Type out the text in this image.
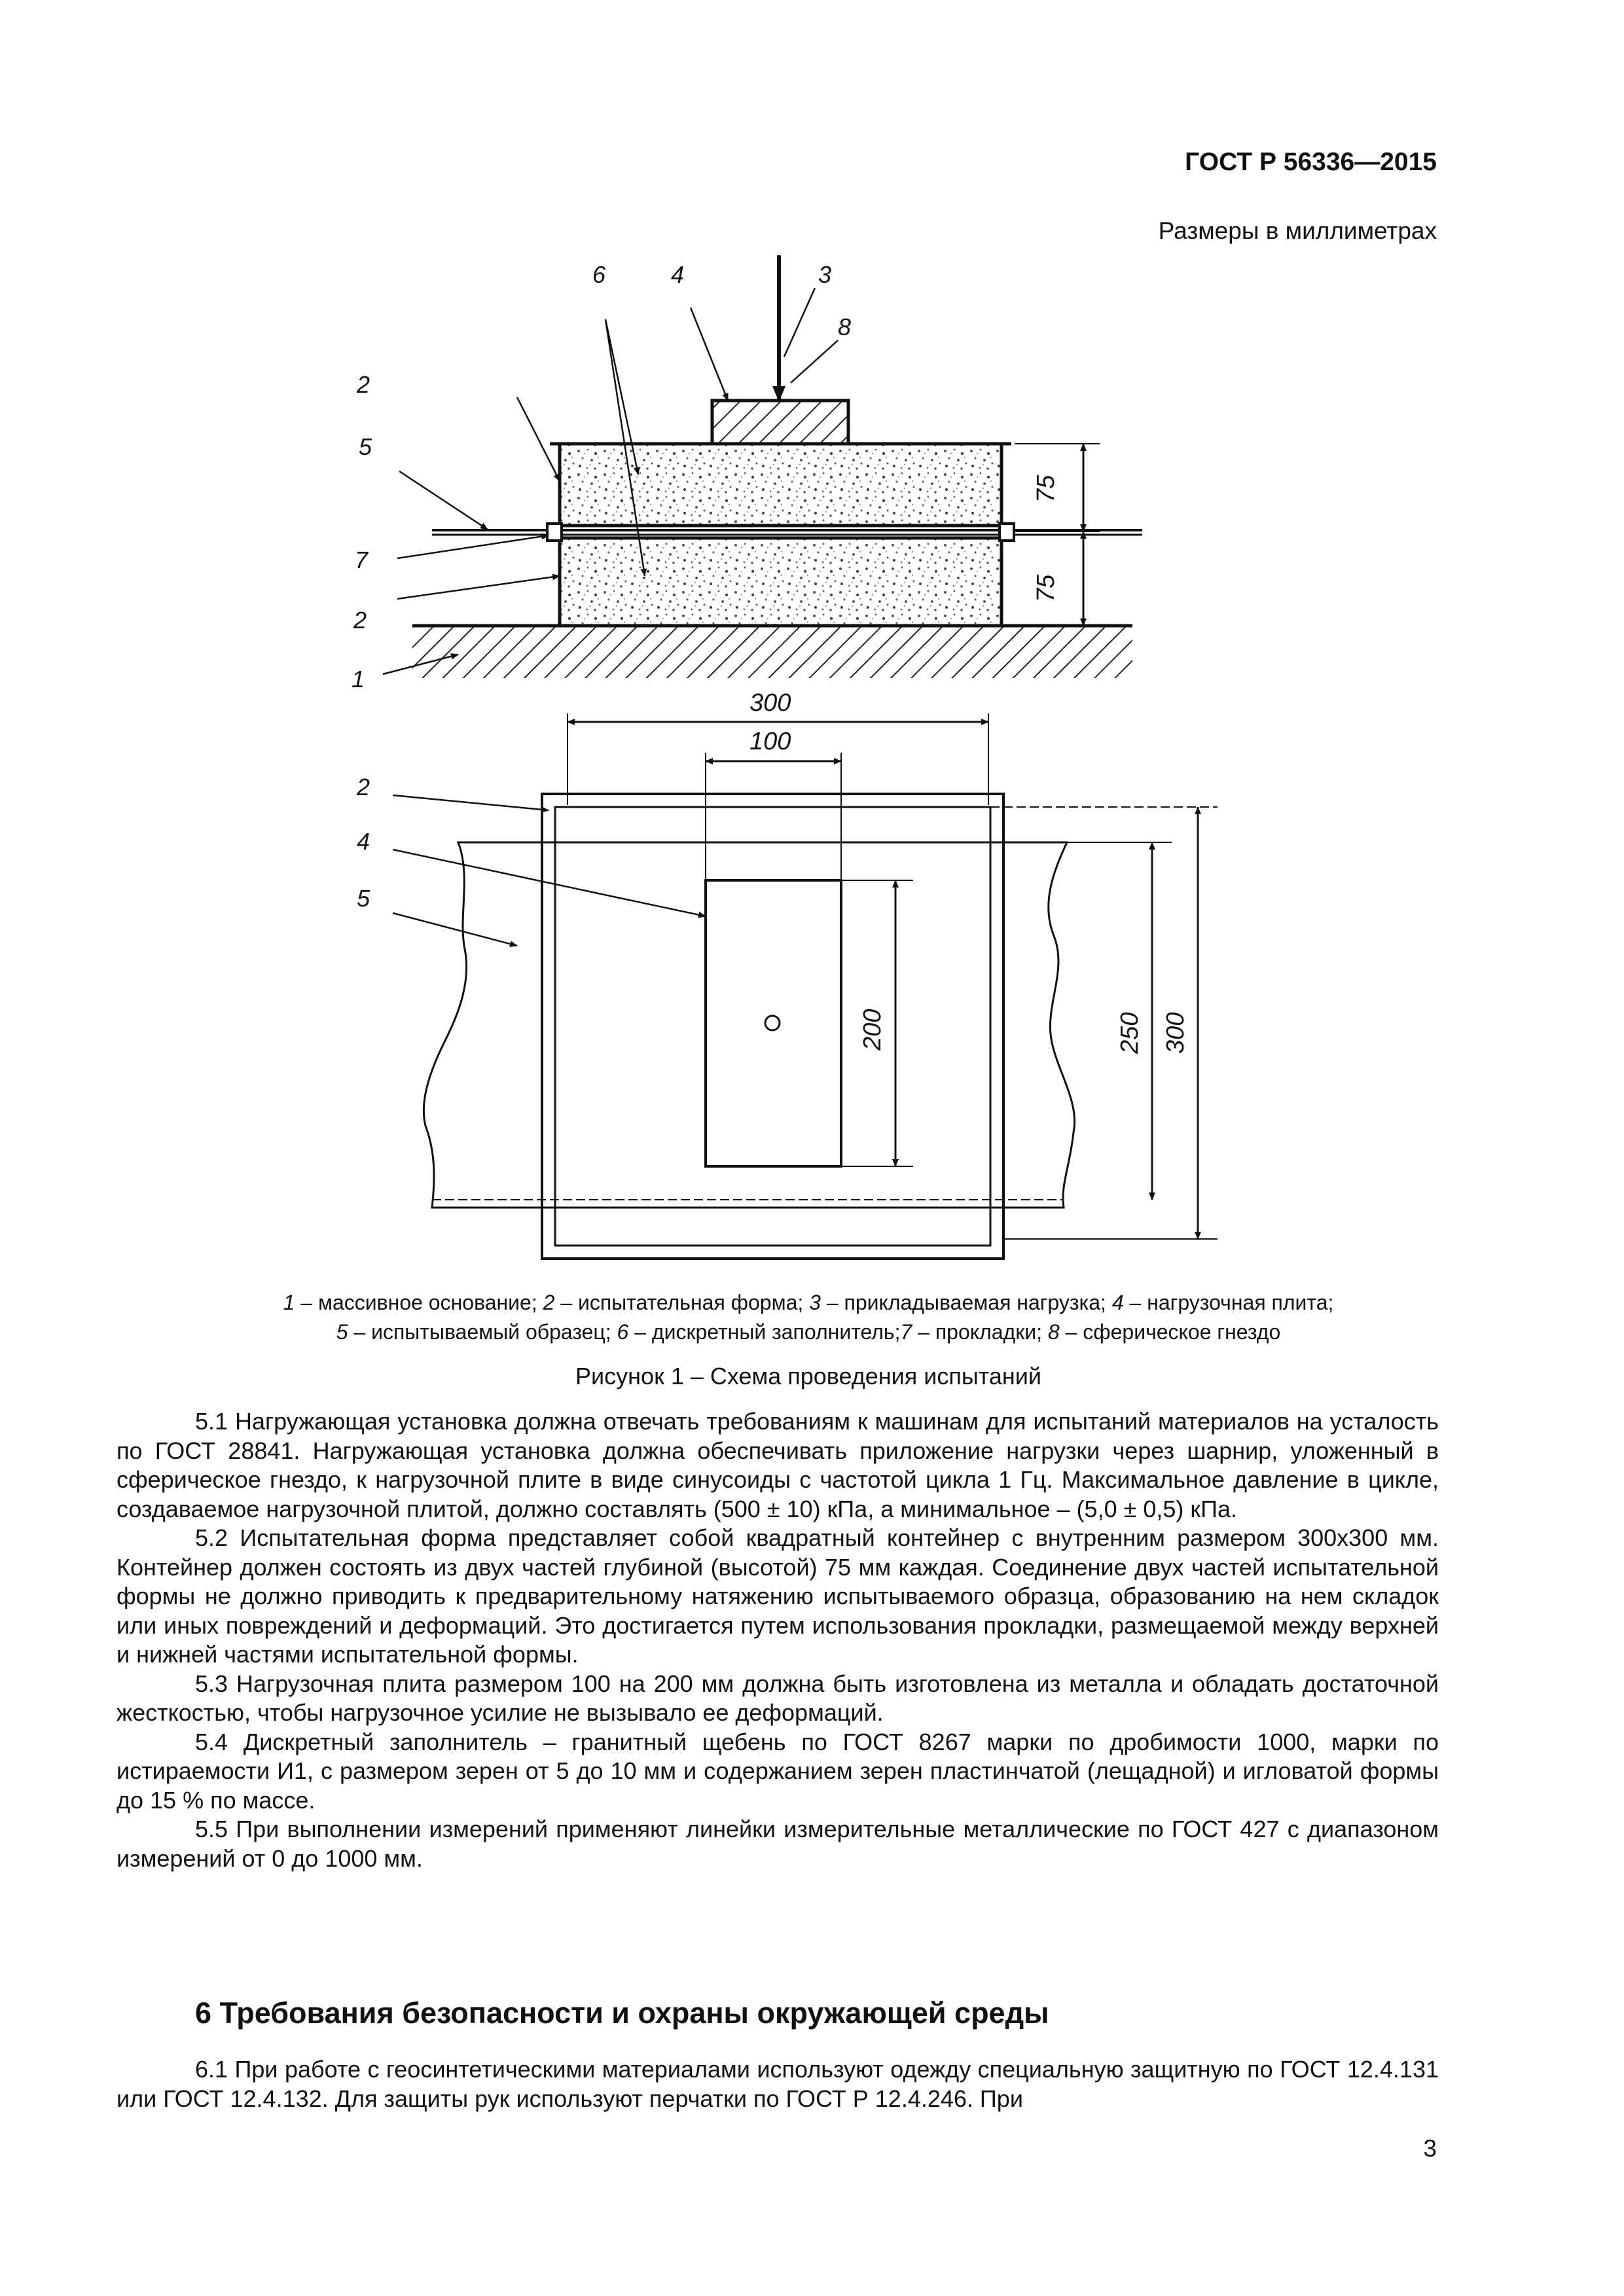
ГОСТ Р 56336—2015
Размеры в миллиметрах
75
75
2
5
7
2
1
6	4	3
8
300
100
200	250 300
2
4
5
1 – массивное основание; 2 – испытательная форма; 3 – прикладываемая нагрузка; 4 – нагрузочная плита;
5 – испытываемый образец; 6 – дискретный заполнитель;7 – прокладки; 8 – сферическое гнездо
Рисунок 1 – Схема проведения испытаний

5.1 Нагружающая установка должна отвечать требованиям к машинам для испытаний материалов на усталость по ГОСТ 28841. Нагружающая установка должна обеспечивать приложение нагрузки через шарнир, уложенный в сферическое гнездо, к нагрузочной плите в виде синусоиды с частотой цикла 1 Гц. Максимальное давление в цикле, создаваемое нагрузочной плитой, должно составлять (500 ± 10) кПа, а минимальное – (5,0 ± 0,5) кПа.

5.2 Испытательная форма представляет собой квадратный контейнер с внутренним размером 300х300 мм. Контейнер должен состоять из двух частей глубиной (высотой) 75 мм каждая. Соединение двух частей испытательной формы не должно приводить к предварительному натяжению испытываемого образца, образованию на нем складок или иных повреждений и деформаций. Это достигается путем использования прокладки, размещаемой между верхней и нижней частями испытательной формы.

5.3 Нагрузочная плита размером 100 на 200 мм должна быть изготовлена из металла и обладать достаточной жесткостью, чтобы нагрузочное усилие не вызывало ее деформаций.

5.4 Дискретный заполнитель – гранитный щебень по ГОСТ 8267 марки по дробимости 1000, марки по истираемости И1, с размером зерен от 5 до 10 мм и содержанием зерен пластинчатой (лещадной) и игловатой формы до 15 % по массе.

5.5 При выполнении измерений применяют линейки измерительные металлические по ГОСТ 427 с диапазоном измерений от 0 до 1000 мм.

6 Требования безопасности и охраны окружающей среды

6.1 При работе с геосинтетическими материалами используют одежду специальную защитную по ГОСТ 12.4.131 или ГОСТ 12.4.132. Для защиты рук используют перчатки по ГОСТ Р 12.4.246. При

3
